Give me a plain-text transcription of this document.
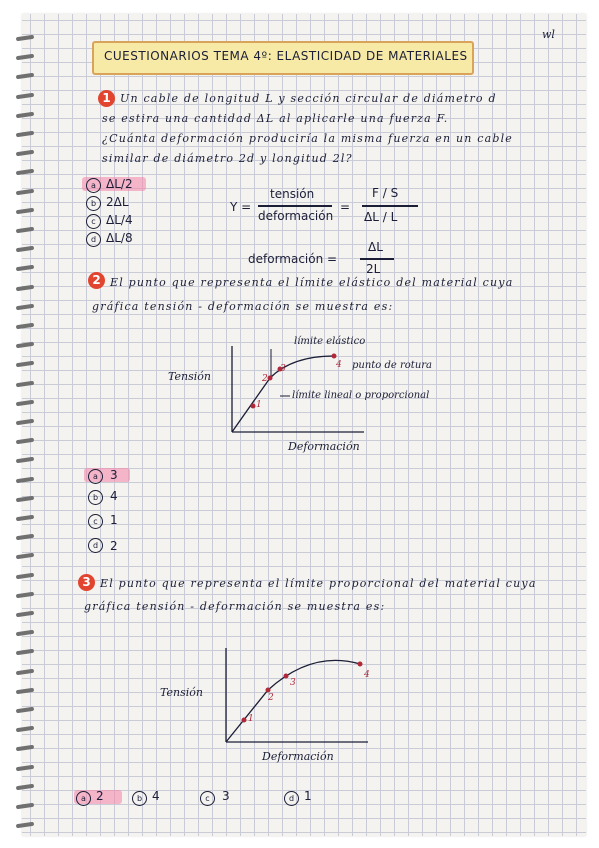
wl
CUESTIONARIOS TEMA 4º: ELASTICIDAD DE MATERIALES
1 Un cable de longitud L y sección circular de diámetro d
se estira una cantidad ΔL al aplicarle una fuerza F.
¿Cuánta deformación produciría la misma fuerza en un cable
similar de diámetro 2d y longitud 2l?
a ΔL/2
b 2ΔL
c ΔL/4
d ΔL/8
Y =
tensión
deformación
=
F / S
ΔL / L
deformación =
ΔL
2L
2 El punto que representa el límite elástico del material cuya
gráfica tensión - deformación se muestra es:
Tensión
Deformación
1
2
3	4
límite elástico
punto de rotura
límite lineal o proporcional
a	3
b 4
c	1
d 2
3 El punto que representa el límite proporcional del material cuya
gráfica tensión - deformación se muestra es:
Tensión
Deformación
1
2
3
4
a 2	b 4	c	3	d 1
